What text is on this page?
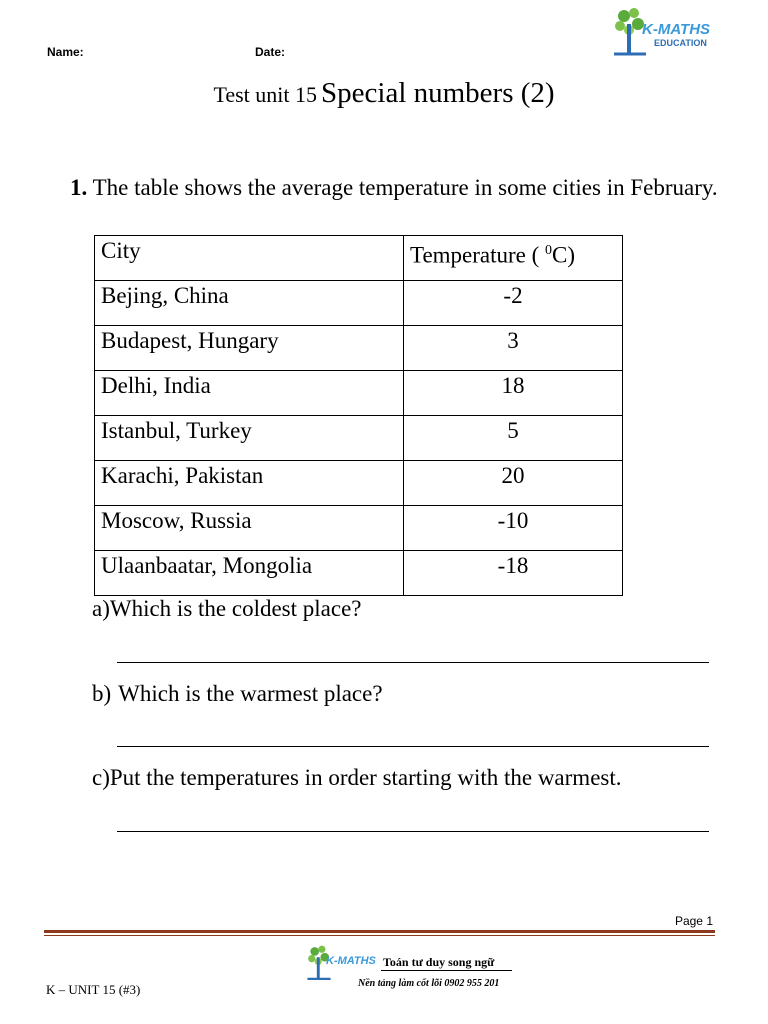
Name:	Date:
K-MATHS
EDUCATION
Test unit 15 Special numbers (2)
1. The table shows the average temperature in some cities in February.
City	Temperature ( $^0$C)
Bejing, China	-2
Budapest, Hungary	3
Delhi, India	18
Istanbul, Turkey	5
Karachi, Pakistan	20
Moscow, Russia	-10
Ulaanbaatar, Mongolia	-18
a)Which is the coldest place?
b) Which is the warmest place?
c)Put the temperatures in order starting with the warmest.
Page 1
K-MATHS Toán tư duy song ngữ
Nền tảng làm cốt lõi 0902 955 201
K – UNIT 15 (#3)
